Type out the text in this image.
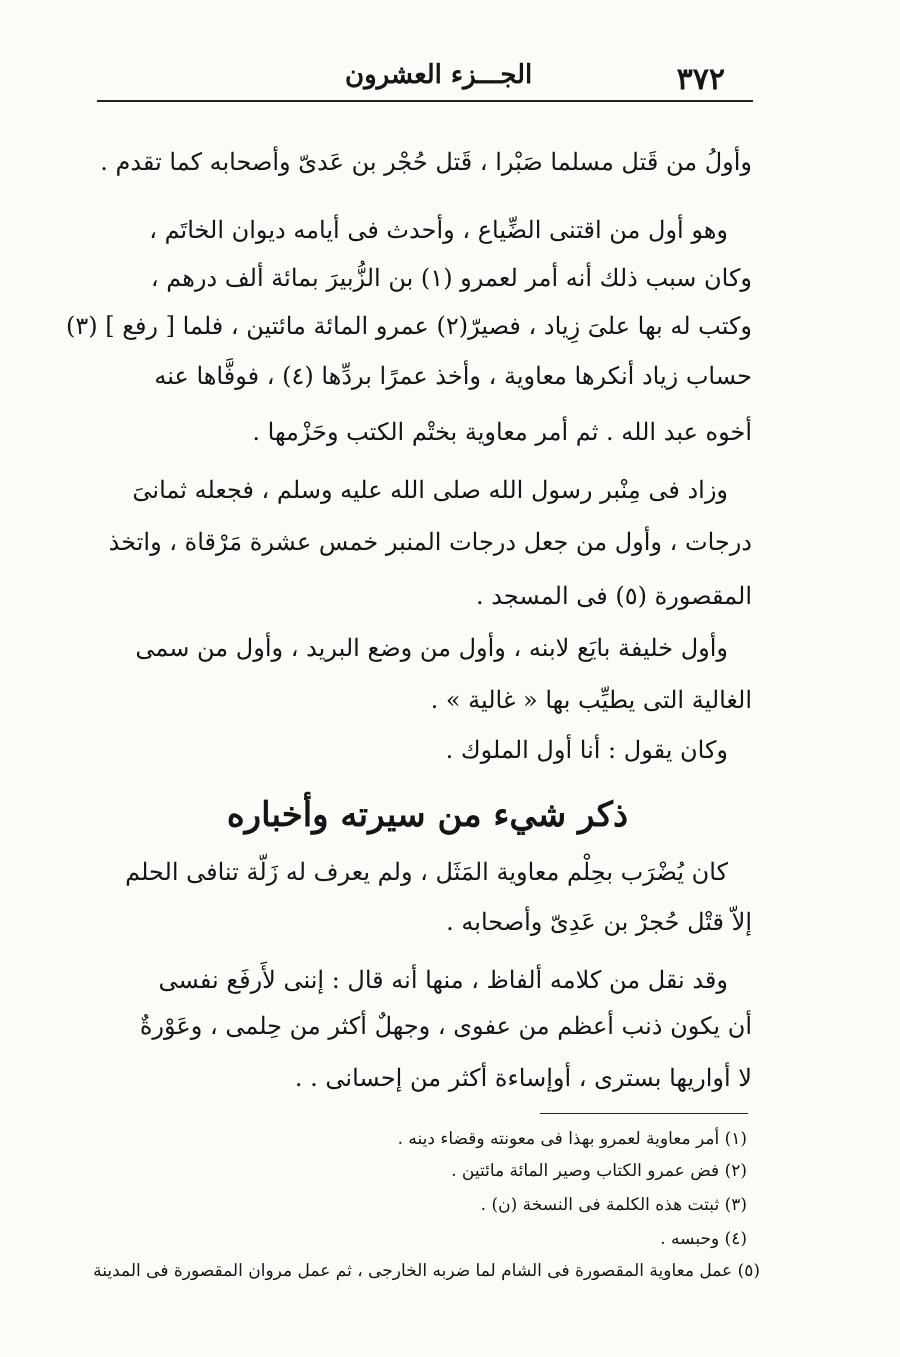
٣٧٢
الجـــزء العشرون
وأولُ من قَتل مسلما صَبْرا ، قَتل حُجْر بن عَدىّ وأصحابه كما تقدم .
وهو أول من اقتنى الضِّياع ، وأحدث فى أيامه ديوان الخاتَم ،
وكان سبب ذلك أنه أمر لعمرو (١) بن الزُّبيرَ بمائة ألف درهم ،
وكتب له بها علىَ زِياد ، فصيرّ(٢) عمرو المائة مائتين ، فلما [ رفع ] (٣)
حساب زياد أنكرها معاوية ، وأخذ عمرًا بردِّها (٤) ، فوفَّاها عنه
أخوه عبد الله . ثم أمر معاوية بختْم الكتب وحَزْمها .
وزاد فى مِنْبر رسول الله صلى الله عليه وسلم ، فجعله ثمانىَ
درجات ، وأول من جعل درجات المنبر خمس عشرة مَرْقاة ، واتخذ
المقصورة (٥) فى المسجد .
وأول خليفة بايَع لابنه ، وأول من وضع البريد ، وأول من سمى
الغالية التى يطيِّب بها « غالية » .
وكان يقول : أنا أول الملوك .
ذكر شيء من سيرته وأخباره
كان يُضْرَب بحِلْم معاوية المَثَل ، ولم يعرف له زَلّة تنافى الحلم
إلاّ قتْل حُجرْ بن عَدِىّ وأصحابه .
وقد نقل من كلامه ألفاظ ، منها أنه قال : إننى لأَرفَع نفسى
أن يكون ذنب أعظم من عفوى ، وجهلٌ أكثر من حِلمى ، وعَوْرةٌ
لا أواريها بسترى ، أوإساءة أكثر من إحسانى . .
(١) أمر معاوية لعمرو بهذا فى معونته وقضاء دينه .
(٢) فض عمرو الكتاب وصير المائة مائتين .
(٣) ثبتت هذه الكلمة فى النسخة (ن) .
(٤) وحبسه .
(٥) عمل معاوية المقصورة فى الشام لما ضربه الخارجى ، ثم عمل مروان المقصورة فى المدينة
